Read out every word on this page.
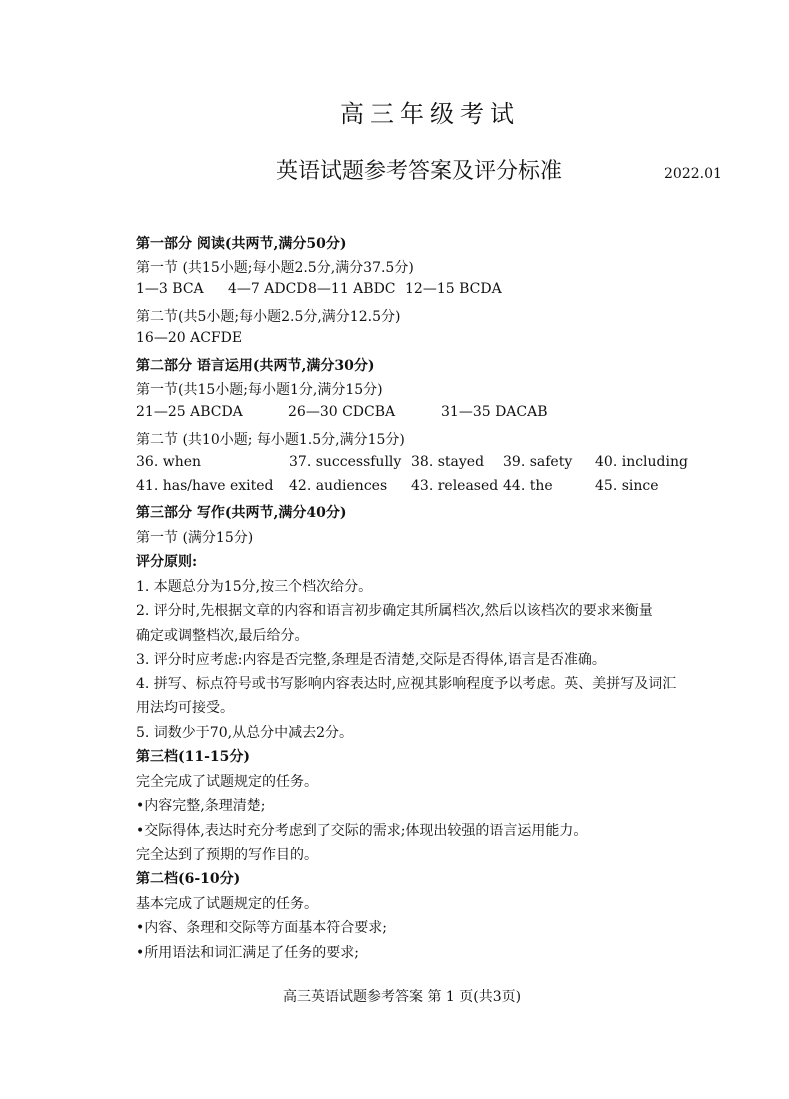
高三年级考试
英语试题参考答案及评分标准	2022.01
第一部分 阅读(共两节,满分50分)
第一节 (共15小题;每小题2.5分,满分37.5分)
1—3 BCA 4—7 ADCD 8—11 ABDC 12—15 BCDA
第二节(共5小题;每小题2.5分,满分12.5分)
16—20 ACFDE
第二部分 语言运用(共两节,满分30分)
第一节(共15小题;每小题1分,满分15分)
21—25 ABCDA	26—30 CDCBA	31—35 DACAB
第二节 (共10小题; 每小题1.5分,满分15分)
36. when	37. successfully 38. stayed 39. safety 40. including
41. has/have exited 42. audiences 43. released 44. the	45. since
第三部分 写作(共两节,满分40分)
第一节 (满分15分)
评分原则:
1. 本题总分为15分,按三个档次给分。
2. 评分时,先根据文章的内容和语言初步确定其所属档次,然后以该档次的要求来衡量
确定或调整档次,最后给分。
3. 评分时应考虑:内容是否完整,条理是否清楚,交际是否得体,语言是否准确。
4. 拼写、标点符号或书写影响内容表达时,应视其影响程度予以考虑。英、美拼写及词汇
用法均可接受。
5. 词数少于70,从总分中减去2分。
第三档(11-15分)
完全完成了试题规定的任务。
•内容完整,条理清楚;
•交际得体,表达时充分考虑到了交际的需求;体现出较强的语言运用能力。
完全达到了预期的写作目的。
第二档(6-10分)
基本完成了试题规定的任务。
•内容、条理和交际等方面基本符合要求;
•所用语法和词汇满足了任务的要求;
高三英语试题参考答案 第 1 页(共3页)
